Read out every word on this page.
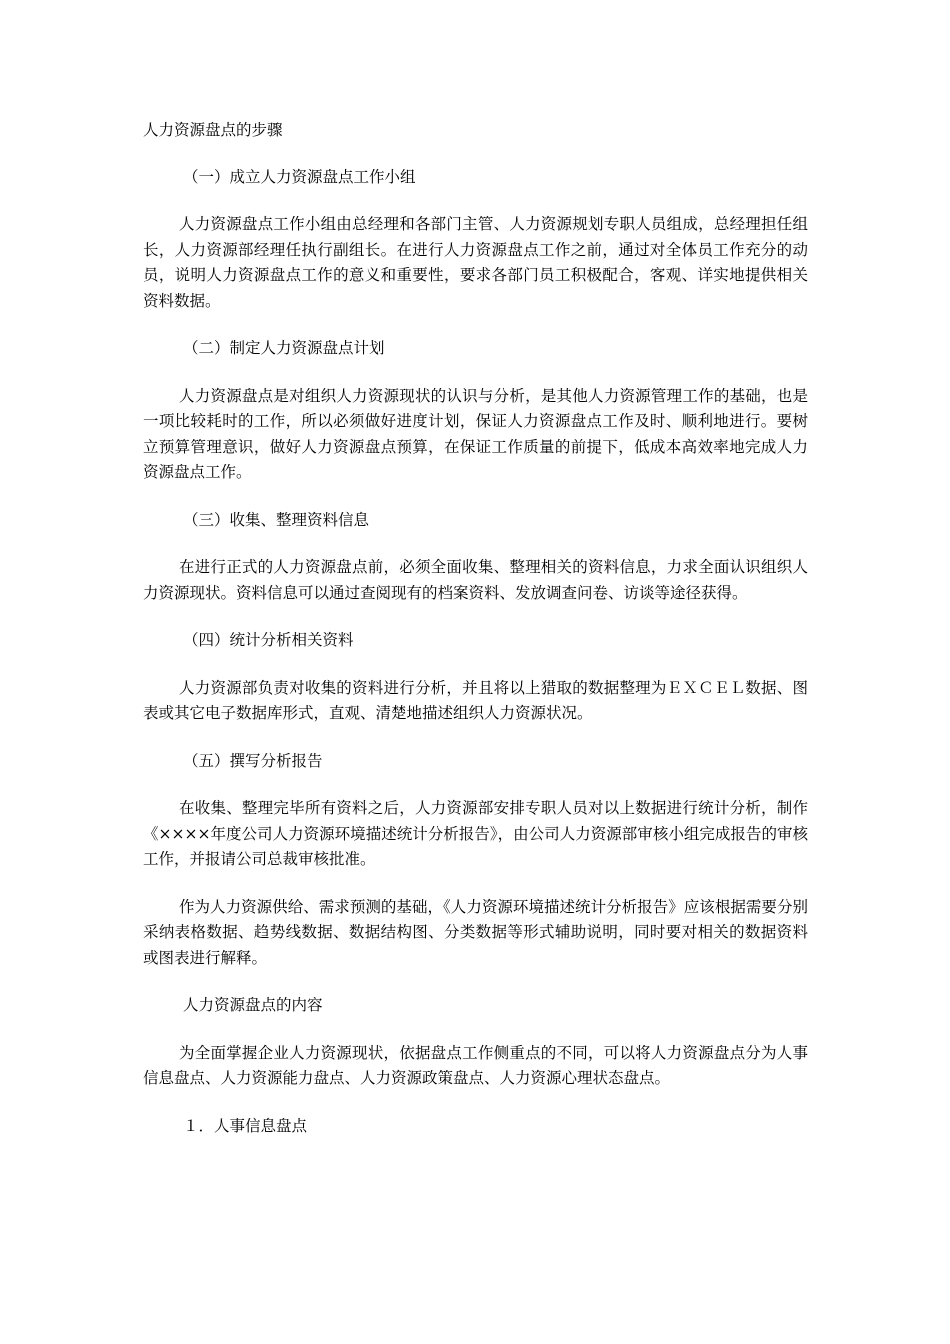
人力资源盘点的步骤

（一）成立人力资源盘点工作小组

人力资源盘点工作小组由总经理和各部门主管、人力资源规划专职人员组成，总经理担任组长，人力资源部经理任执行副组长。在进行人力资源盘点工作之前，通过对全体员工作充分的动员，说明人力资源盘点工作的意义和重要性，要求各部门员工积极配合，客观、详实地提供相关资料数据。

（二）制定人力资源盘点计划

人力资源盘点是对组织人力资源现状的认识与分析，是其他人力资源管理工作的基础，也是一项比较耗时的工作，所以必须做好进度计划，保证人力资源盘点工作及时、顺利地进行。要树立预算管理意识，做好人力资源盘点预算，在保证工作质量的前提下，低成本高效率地完成人力资源盘点工作。

（三）收集、整理资料信息

在进行正式的人力资源盘点前，必须全面收集、整理相关的资料信息，力求全面认识组织人力资源现状。资料信息可以通过查阅现有的档案资料、发放调查问卷、访谈等途径获得。

（四）统计分析相关资料

人力资源部负责对收集的资料进行分析，并且将以上猎取的数据整理为ＥＸＣＥＬ数据、图表或其它电子数据库形式，直观、清楚地描述组织人力资源状况。

（五）撰写分析报告

在收集、整理完毕所有资料之后，人力资源部安排专职人员对以上数据进行统计分析，制作《××××年度公司人力资源环境描述统计分析报告》，由公司人力资源部审核小组完成报告的审核工作，并报请公司总裁审核批准。

作为人力资源供给、需求预测的基础，《人力资源环境描述统计分析报告》应该根据需要分别采纳表格数据、趋势线数据、数据结构图、分类数据等形式辅助说明，同时要对相关的数据资料或图表进行解释。

人力资源盘点的内容

为全面掌握企业人力资源现状，依据盘点工作侧重点的不同，可以将人力资源盘点分为人事信息盘点、人力资源能力盘点、人力资源政策盘点、人力资源心理状态盘点。

１．人事信息盘点
